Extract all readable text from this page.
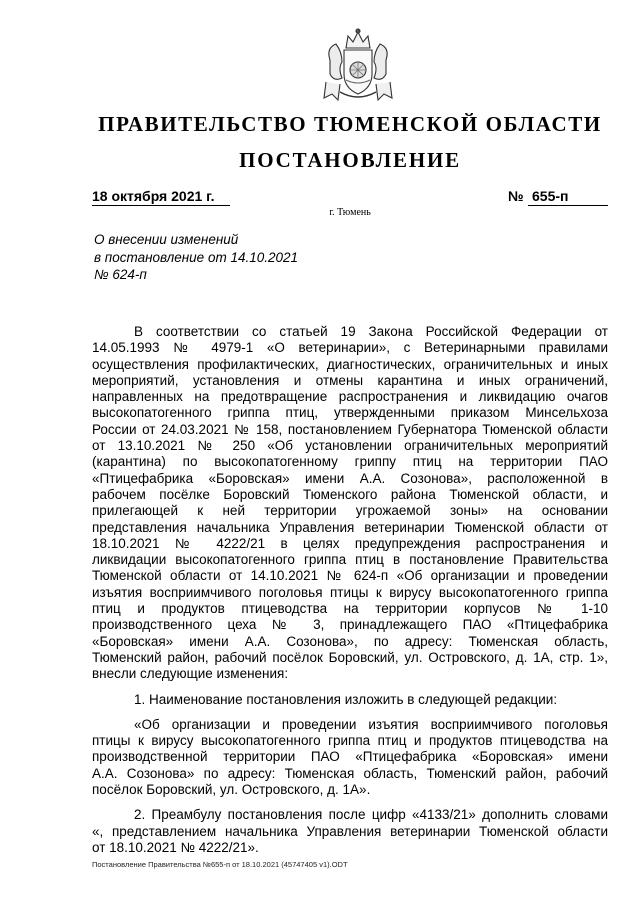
ПРАВИТЕЛЬСТВО ТЮМЕНСКОЙ ОБЛАСТИ
ПОСТАНОВЛЕНИЕ
18 октября 2021 г.	№ 655-п
г. Тюмень
О внесении изменений
в постановление от 14.10.2021
№ 624-п
В соответствии со статьей 19 Закона Российской Федерации от
14.05.1993 № 4979-1 «О ветеринарии», с Ветеринарными правилами
осуществления профилактических, диагностических, ограничительных и иных
мероприятий, установления и отмены карантина и иных ограничений,
направленных на предотвращение распространения и ликвидацию очагов
высокопатогенного гриппа птиц, утвержденными приказом Минсельхоза
России от 24.03.2021 № 158, постановлением Губернатора Тюменской области
от 13.10.2021 № 250 «Об установлении ограничительных мероприятий
(карантина) по высокопатогенному гриппу птиц на территории ПАО
«Птицефабрика «Боровская» имени А.А. Созонова», расположенной в
рабочем посёлке Боровский Тюменского района Тюменской области, и
прилегающей к ней территории угрожаемой зоны» на основании
представления начальника Управления ветеринарии Тюменской области от
18.10.2021 № 4222/21 в целях предупреждения распространения и
ликвидации высокопатогенного гриппа птиц в постановление Правительства
Тюменской области от 14.10.2021 № 624-п «Об организации и проведении
изъятия восприимчивого поголовья птицы к вирусу высокопатогенного гриппа
птиц и продуктов птицеводства на территории корпусов № 1-10
производственного цеха № 3, принадлежащего ПАО «Птицефабрика
«Боровская» имени А.А. Созонова», по адресу: Тюменская область,
Тюменский район, рабочий посёлок Боровский, ул. Островского, д. 1А, стр. 1»,
внесли следующие изменения:
1. Наименование постановления изложить в следующей редакции:
«Об организации и проведении изъятия восприимчивого поголовья
птицы к вирусу высокопатогенного гриппа птиц и продуктов птицеводства на
производственной территории ПАО «Птицефабрика «Боровская» имени
А.А. Созонова» по адресу: Тюменская область, Тюменский район, рабочий
посёлок Боровский, ул. Островского, д. 1А».
2. Преамбулу постановления после цифр «4133/21» дополнить словами
«, представлением начальника Управления ветеринарии Тюменской области
от 18.10.2021 № 4222/21».
Постановление Правительства №655-п от 18.10.2021 (45747405 v1).ODT
